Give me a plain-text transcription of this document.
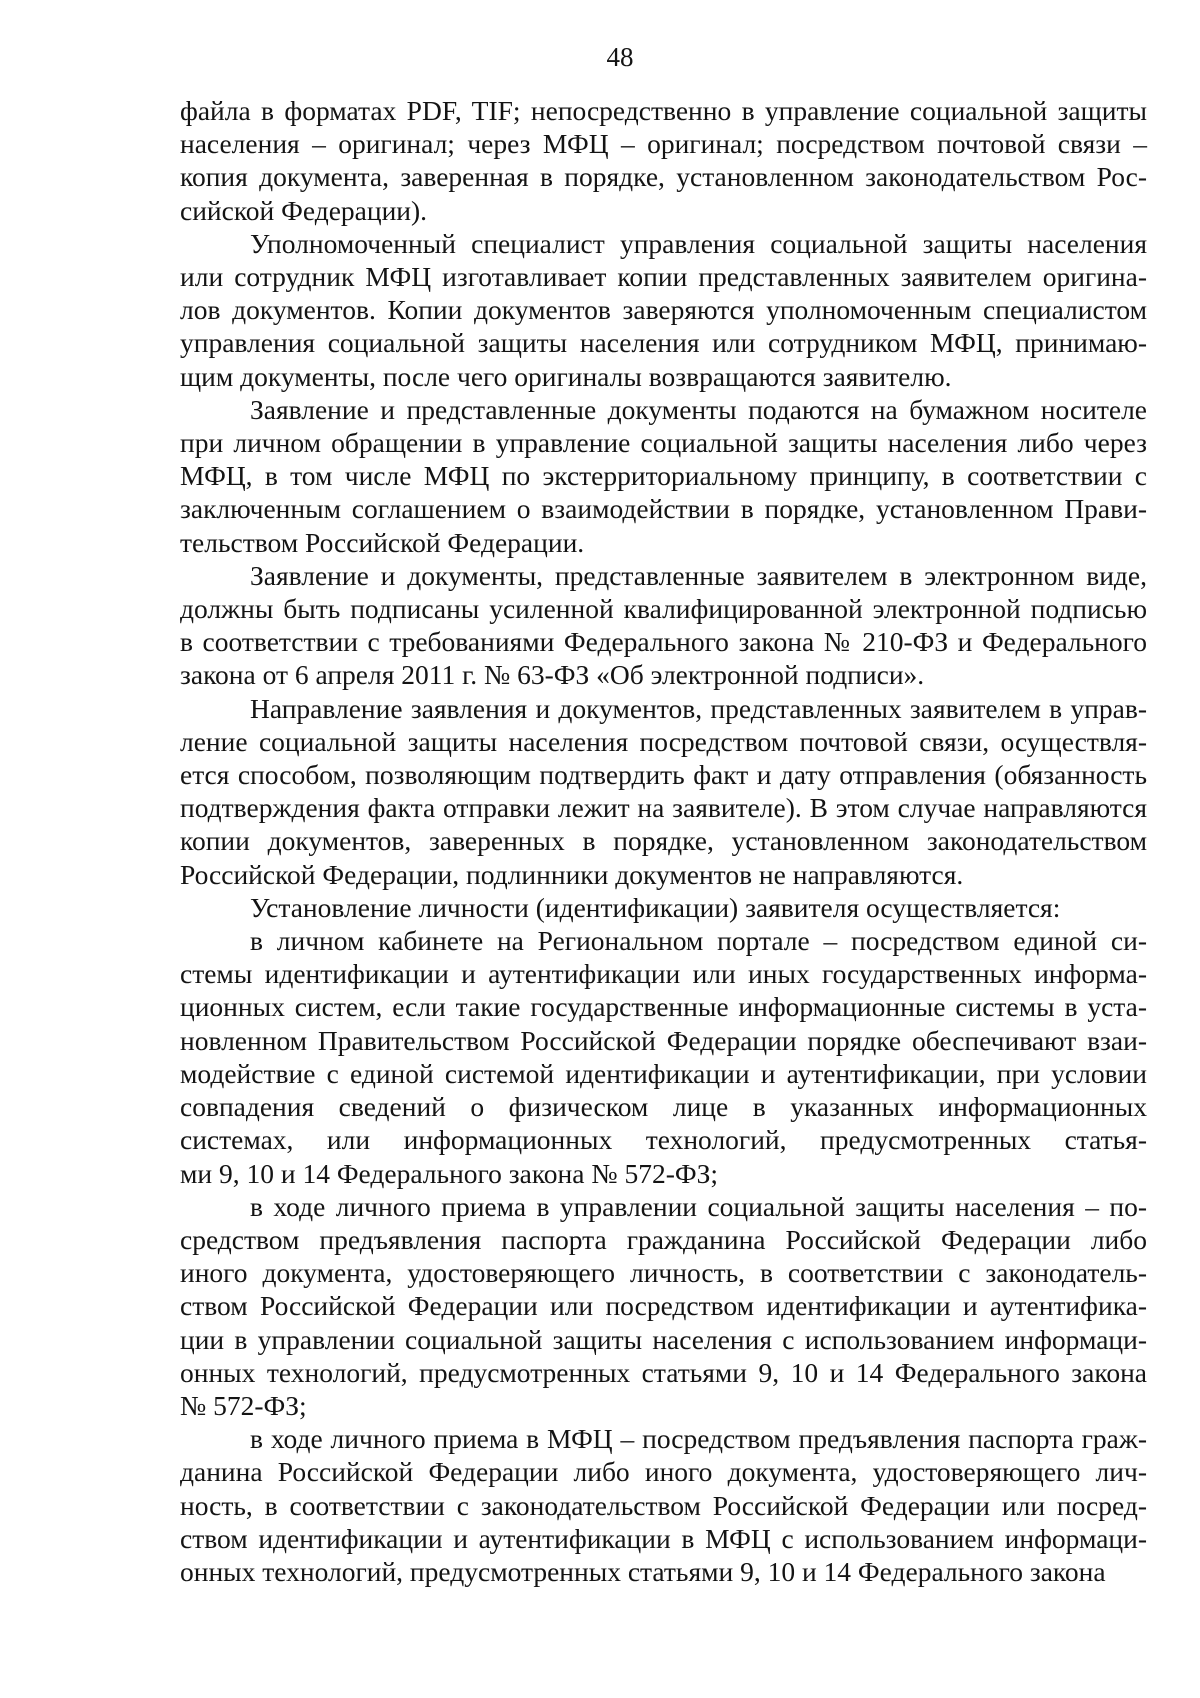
48
файла в форматах PDF, TIF; непосредственно в управление социальной защиты
населения – оригинал; через МФЦ – оригинал; посредством почтовой связи –
копия документа, заверенная в порядке, установленном законодательством Рос-
сийской Федерации).
Уполномоченный специалист управления социальной защиты населения
или сотрудник МФЦ изготавливает копии представленных заявителем оригина-
лов документов. Копии документов заверяются уполномоченным специалистом
управления социальной защиты населения или сотрудником МФЦ, принимаю-
щим документы, после чего оригиналы возвращаются заявителю.
Заявление и представленные документы подаются на бумажном носителе
при личном обращении в управление социальной защиты населения либо через
МФЦ, в том числе МФЦ по экстерриториальному принципу, в соответствии с
заключенным соглашением о взаимодействии в порядке, установленном Прави-
тельством Российской Федерации.
Заявление и документы, представленные заявителем в электронном виде,
должны быть подписаны усиленной квалифицированной электронной подписью
в соответствии с требованиями Федерального закона № 210-ФЗ и Федерального
закона от 6 апреля 2011 г. № 63-ФЗ «Об электронной подписи».
Направление заявления и документов, представленных заявителем в управ-
ление социальной защиты населения посредством почтовой связи, осуществля-
ется способом, позволяющим подтвердить факт и дату отправления (обязанность
подтверждения факта отправки лежит на заявителе). В этом случае направляются
копии документов, заверенных в порядке, установленном законодательством
Российской Федерации, подлинники документов не направляются.
Установление личности (идентификации) заявителя осуществляется:
в личном кабинете на Региональном портале – посредством единой си-
стемы идентификации и аутентификации или иных государственных информа-
ционных систем, если такие государственные информационные системы в уста-
новленном Правительством Российской Федерации порядке обеспечивают взаи-
модействие с единой системой идентификации и аутентификации, при условии
совпадения сведений о физическом лице в указанных информационных
системах, или информационных технологий, предусмотренных статья-
ми 9, 10 и 14 Федерального закона № 572-ФЗ;
в ходе личного приема в управлении социальной защиты населения – по-
средством предъявления паспорта гражданина Российской Федерации либо
иного документа, удостоверяющего личность, в соответствии с законодатель-
ством Российской Федерации или посредством идентификации и аутентифика-
ции в управлении социальной защиты населения с использованием информаци-
онных технологий, предусмотренных статьями 9, 10 и 14 Федерального закона
№ 572-ФЗ;
в ходе личного приема в МФЦ – посредством предъявления паспорта граж-
данина Российской Федерации либо иного документа, удостоверяющего лич-
ность, в соответствии с законодательством Российской Федерации или посред-
ством идентификации и аутентификации в МФЦ с использованием информаци-
онных технологий, предусмотренных статьями 9, 10 и 14 Федерального закона
